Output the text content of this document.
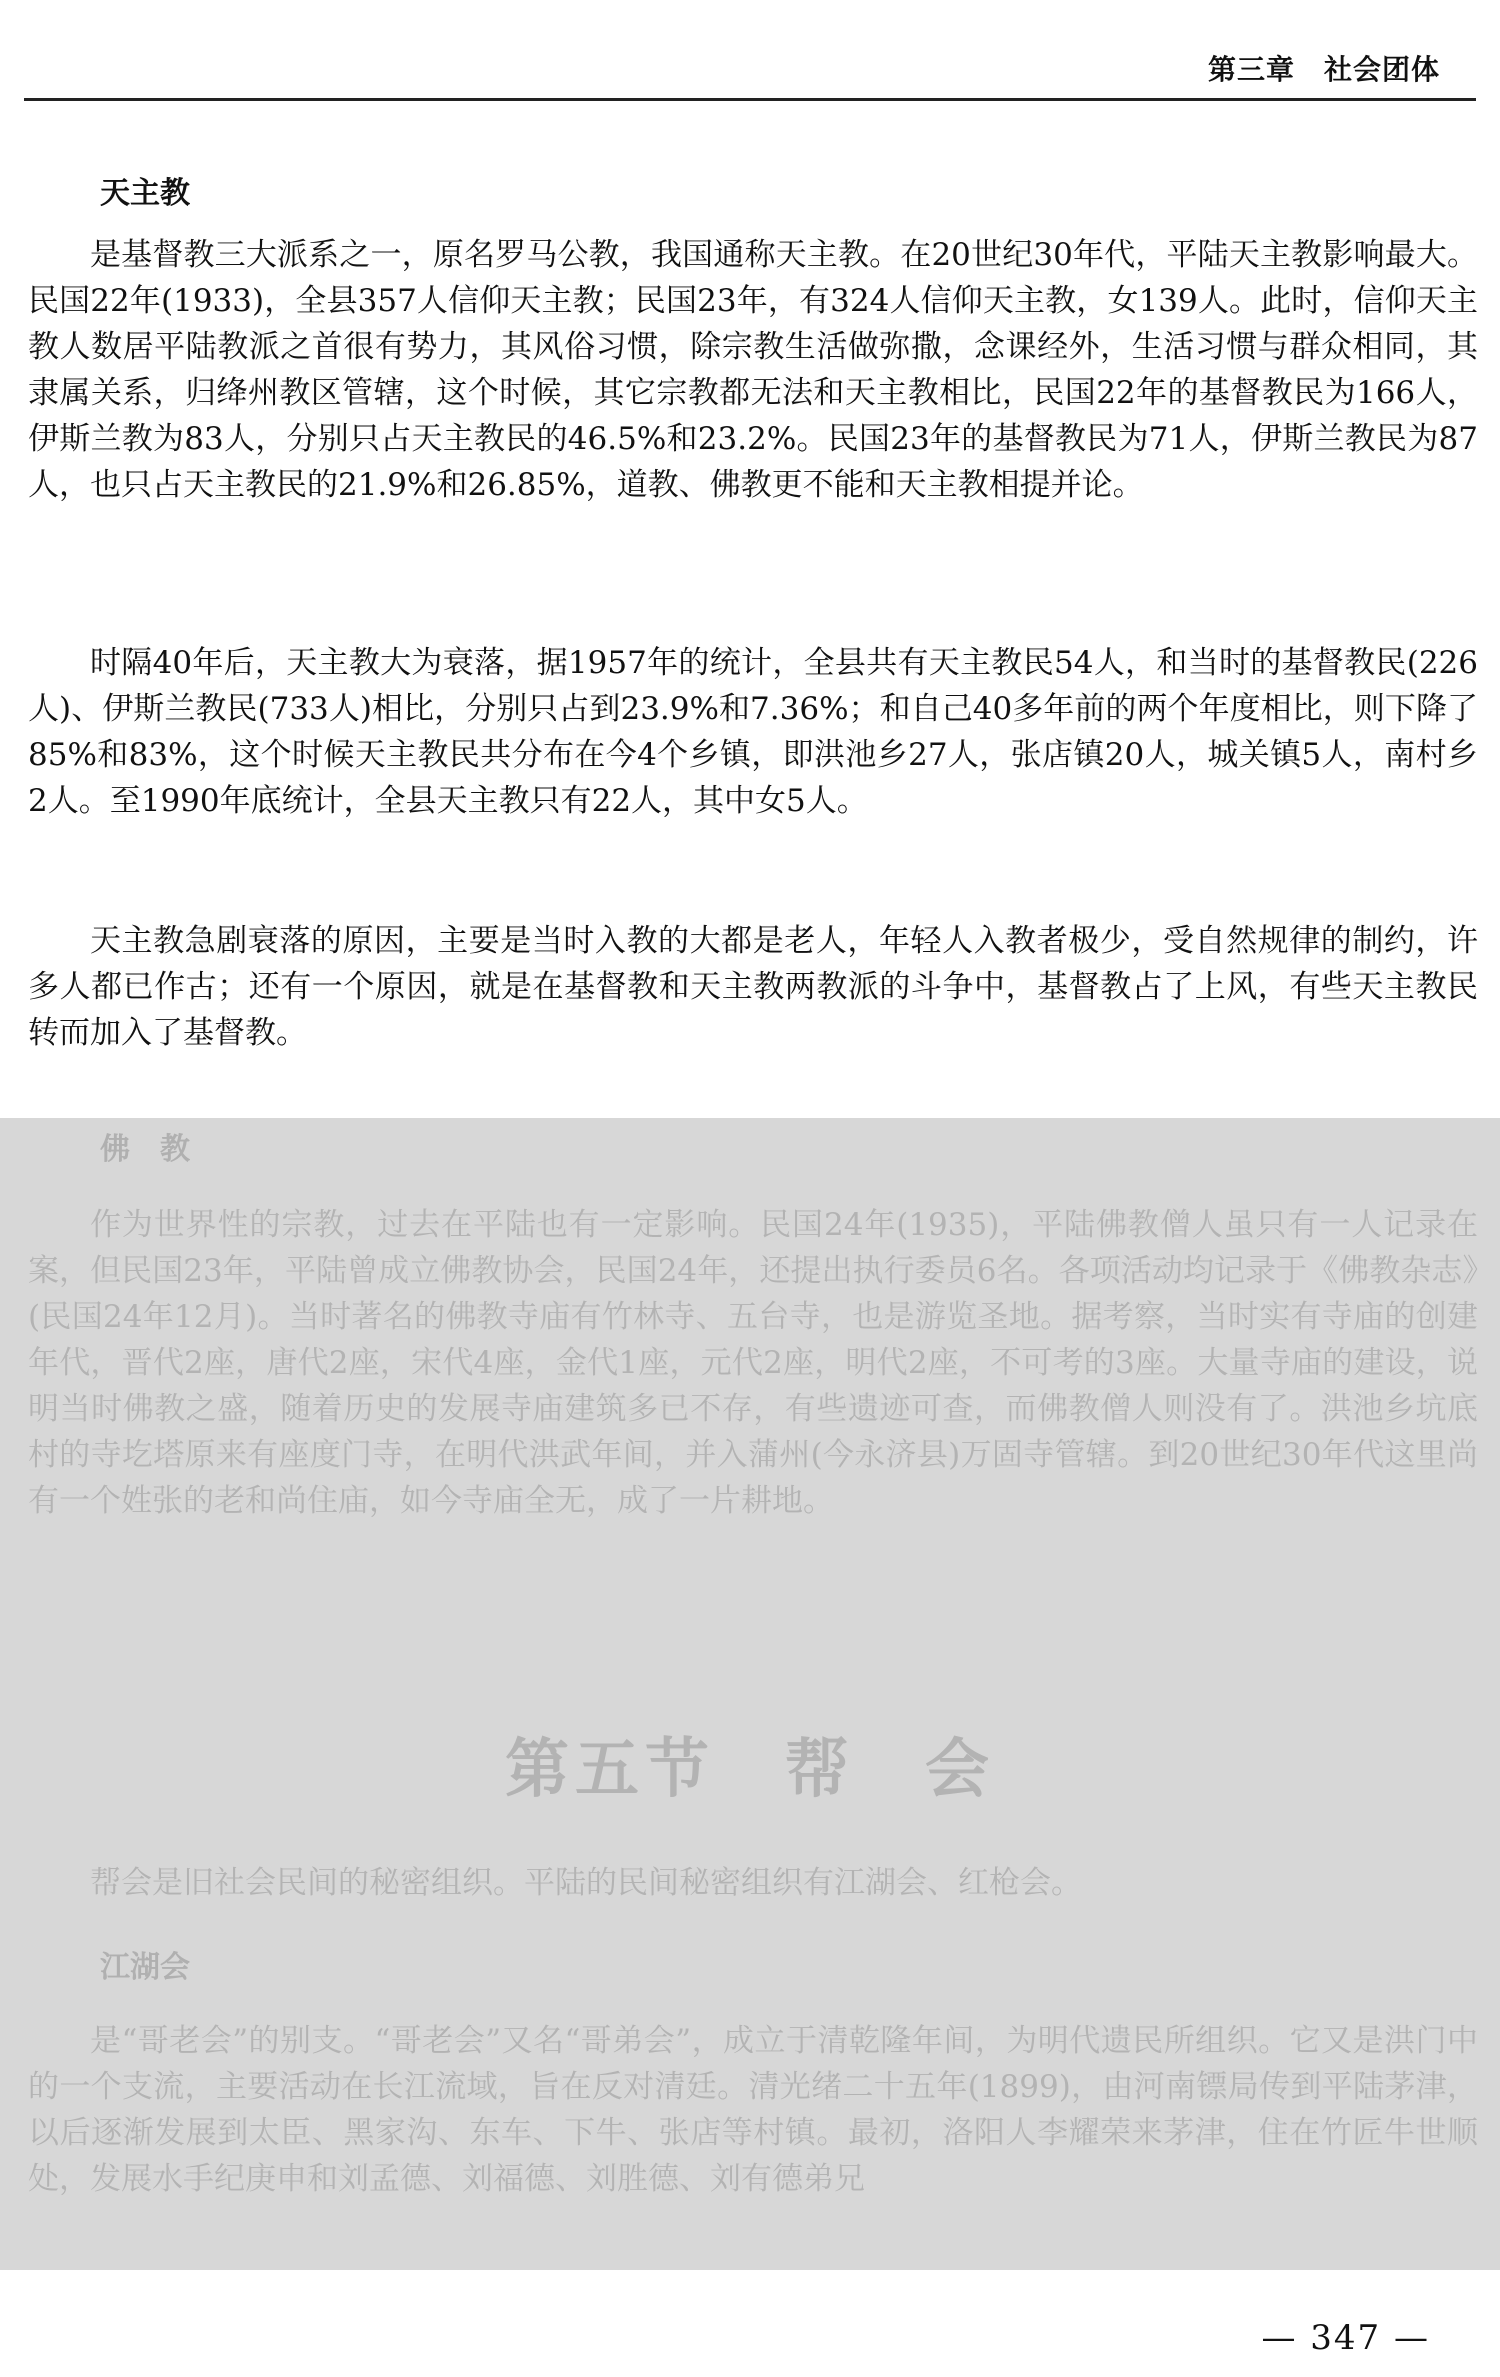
第三章　社会团体
天主教

是基督教三大派系之一，原名罗马公教，我国通称天主教。在20世纪30年代，平陆天主教影响最大。民国22年(1933)，全县357人信仰天主教；民国23年，有324人信仰天主教，女139人。此时，信仰天主教人数居平陆教派之首很有势力，其风俗习惯，除宗教生活做弥撒，念课经外，生活习惯与群众相同，其隶属关系，归绛州教区管辖，这个时候，其它宗教都无法和天主教相比，民国22年的基督教民为166人，伊斯兰教为83人，分别只占天主教民的46.5%和23.2%。民国23年的基督教民为71人，伊斯兰教民为87人，也只占天主教民的21.9%和26.85%，道教、佛教更不能和天主教相提并论。

时隔40年后，天主教大为衰落，据1957年的统计，全县共有天主教民54人，和当时的基督教民(226人)、伊斯兰教民(733人)相比，分别只占到23.9%和7.36%；和自己40多年前的两个年度相比，则下降了85%和83%，这个时候天主教民共分布在今4个乡镇，即洪池乡27人，张店镇20人，城关镇5人，南村乡2人。至1990年底统计，全县天主教只有22人，其中女5人。

天主教急剧衰落的原因，主要是当时入教的大都是老人，年轻人入教者极少，受自然规律的制约，许多人都已作古；还有一个原因，就是在基督教和天主教两教派的斗争中，基督教占了上风，有些天主教民转而加入了基督教。

佛　教

作为世界性的宗教，过去在平陆也有一定影响。民国24年(1935)，平陆佛教僧人虽只有一人记录在案，但民国23年，平陆曾成立佛教协会，民国24年，还提出执行委员6名。各项活动均记录于《佛教杂志》(民国24年12月)。当时著名的佛教寺庙有竹林寺、五台寺，也是游览圣地。据考察，当时实有寺庙的创建年代，晋代2座，唐代2座，宋代4座，金代1座，元代2座，明代2座，不可考的3座。大量寺庙的建设，说明当时佛教之盛，随着历史的发展寺庙建筑多已不存，有些遗迹可查，而佛教僧人则没有了。洪池乡坑底村的寺圪塔原来有座度门寺，在明代洪武年间，并入蒲州(今永济县)万固寺管辖。到20世纪30年代这里尚有一个姓张的老和尚住庙，如今寺庙全无，成了一片耕地。

第五节　帮　会

帮会是旧社会民间的秘密组织。平陆的民间秘密组织有江湖会、红枪会。

江湖会

是“哥老会”的别支。“哥老会”又名“哥弟会”，成立于清乾隆年间，为明代遗民所组织。它又是洪门中的一个支流，主要活动在长江流域，旨在反对清廷。清光绪二十五年(1899)，由河南镖局传到平陆茅津，以后逐渐发展到太臣、黑家沟、东车、下牛、张店等村镇。最初，洛阳人李耀荣来茅津，住在竹匠牛世顺处，发展水手纪庚申和刘孟德、刘福德、刘胜德、刘有德弟兄

— 347 —
